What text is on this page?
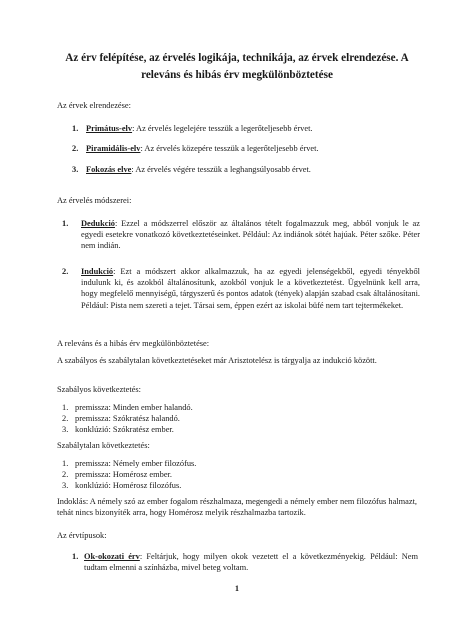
Az érv felépítése, az érvelés logikája, technikája, az érvek elrendezése. A releváns és hibás érv megkülönböztetése
Az érvek elrendezése:
1. Primátus-elv: Az érvelés legelejére tesszük a legerőteljesebb érvet.
2. Piramidális-elv: Az érvelés közepére tesszük a legerőteljesebb érvet.
3. Fokozás elve: Az érvelés végére tesszük a leghangsúlyosabb érvet.
Az érvelés módszerei:
1. Dedukció: Ezzel a módszerrel először az általános tételt fogalmazzuk meg, abból vonjuk le az egyedi esetekre vonatkozó következtetéseinket. Például: Az indiánok sötét hajúak. Péter szőke. Péter nem indián.
2. Indukció: Ezt a módszert akkor alkalmazzuk, ha az egyedi jelenségekből, egyedi tényekből indulunk ki, és azokból általánosítunk, azokból vonjuk le a következtetést. Ügyelnünk kell arra, hogy megfelelő mennyiségű, tárgyszerű és pontos adatok (tények) alapján szabad csak általánosítani. Például: Pista nem szereti a tejet. Társai sem, éppen ezért az iskolai büfé nem tart tejtermékeket.
A releváns és a hibás érv megkülönböztetése:
A szabályos és szabálytalan következtetéseket már Arisztotelész is tárgyalja az indukció között.
Szabályos következtetés:
1. premissza: Minden ember halandó.
2. premissza: Szókratész halandó.
3. konklúzió: Szókratész ember.
Szabálytalan következtetés:
1. premissza: Némely ember filozófus.
2. premissza: Homérosz ember.
3. konklúzió: Homérosz filozófus.
Indoklás: A némely szó az ember fogalom részhalmaza, megengedi a némely ember nem filozófus halmazt, tehát nincs bizonyíték arra, hogy Homérosz melyik részhalmazba tartozik.
Az érvtípusok:
1. Ok-okozati érv: Feltárjuk, hogy milyen okok vezetett el a következményekig. Például: Nem tudtam elmenni a színházba, mivel beteg voltam.
1
